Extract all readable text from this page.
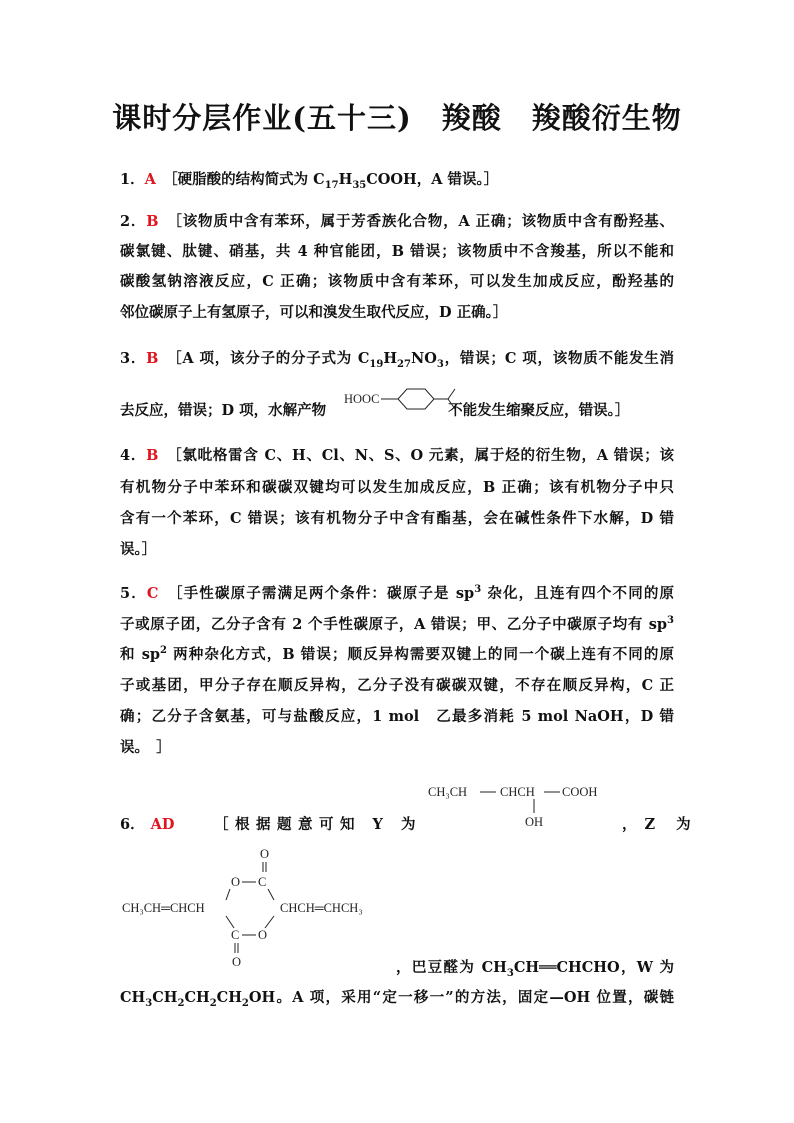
课时分层作业(五十三)　羧酸　羧酸衍生物
1．A　 ［硬脂酸的结构简式为 $C_{17}H_{35}COOH$，A 错误。］
2．B　 ［该物质中含有苯环，属于芳香族化合物，A 正确；该物质中含有酚羟基、
碳氯键、肽键、硝基，共 4 种官能团，B 错误；该物质中不含羧基，所以不能和
碳酸氢钠溶液反应，C 正确；该物质中含有苯环，可以发生加成反应，酚羟基的
邻位碳原子上有氢原子，可以和溴发生取代反应，D 正确。］
3．B　 ［A 项，该分子的分子式为 $C_{19}H_{27}NO_3$，错误；C 项，该物质不能发生消
去反应，错误；D 项，水解产物	不能发生缩聚反应，错误。］
HOOC
4．B　 ［氯吡格雷含 C、H、Cl、N、S、O 元素，属于烃的衍生物，A 错误；该
有机物分子中苯环和碳碳双键均可以发生加成反应，B 正确；该有机物分子中只
含有一个苯环，C 错误；该有机物分子中含有酯基，会在碱性条件下水解，D 错
误。］
5．C　 ［手性碳原子需满足两个条件：碳原子是 $sp^3$ 杂化，且连有四个不同的原
子或原子团，乙分子含有 2 个手性碳原子，A 错误；甲、乙分子中碳原子均有 $sp^3$
和 $sp^2$ 两种杂化方式，B 错误；顺反异构需要双键上的同一个碳上连有不同的原
子或基团，甲分子存在顺反异构，乙分子没有碳碳双键，不存在顺反异构，C 正
确；乙分子含氨基，可与盐酸反应，1 mol　乙最多消耗 5 mol NaOH，D 错
误。　］
6． AD	［根据题意可知 Y 为	，Z 为
CH₃CH	CHCH COOH
OH
CH₃CH═CHCH	CHCH═CHCH₃
O
O C
C O
O	，巴豆醛为 $CH_3CH══CHCHO$，W 为
$CH_3CH_2CH_2CH_2OH$。A 项，采用“定一移一”的方法，固定—OH 位置，碳链
